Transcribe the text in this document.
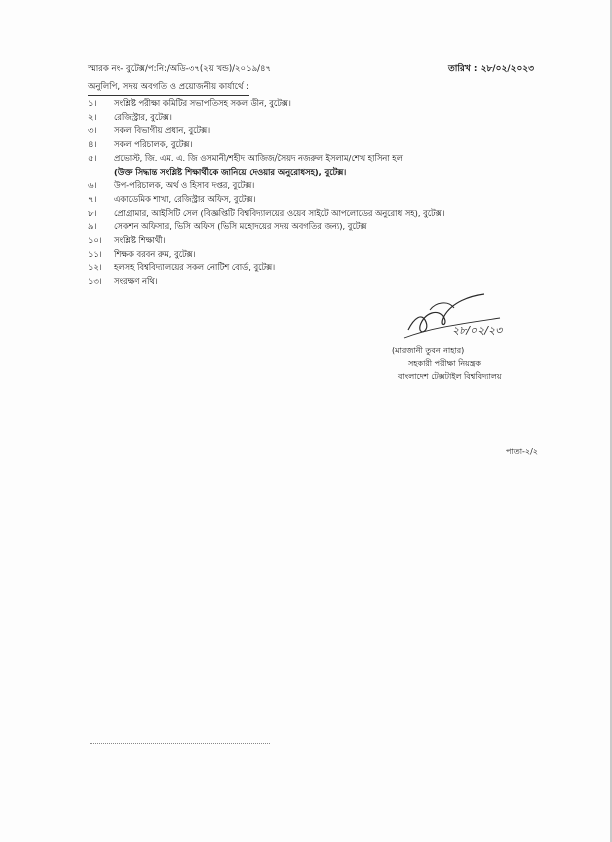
স্মারক নং- বুটেক্স/প:নি:/অডি-৩৭(২য় খন্ড)/২০১৯/৪৭	তারিখ : ২৮/০২/২০২৩
অনুলিপি, সদয় অবগতি ও প্রয়োজনীয় কার্যার্থে :
১।	সংশ্লিষ্ট পরীক্ষা কমিটির সভাপতিসহ সকল ডীন, বুটেক্স।
২।	রেজিস্ট্রার, বুটেক্স।
৩।	সকল বিভাগীয় প্রধান, বুটেক্স।
৪।	সকল পরিচালক, বুটেক্স।
৫।	প্রভোস্ট, জি. এম. এ. জি ওসমানী/শহীদ আজিজ/সৈয়দ নজরুল ইসলাম/শেখ হাসিনা হল
(উক্ত সিদ্ধান্ত সংশ্লিষ্ট শিক্ষার্থীকে জানিয়ে দেওয়ার অনুরোধসহ), বুটেক্স।
৬।	উপ-পরিচালক, অর্থ ও হিসাব দপ্তর, বুটেক্স।
৭।	একাডেমিক শাখা, রেজিস্ট্রার অফিস, বুটেক্স।
৮।	প্রোগ্রামার, আইসিটি সেল (বিজ্ঞপ্তিটি বিশ্ববিদ্যালয়ের ওয়েব সাইটে আপলোডের অনুরোধ সহ), বুটেক্স।
৯।	সেকশন অফিসার, ভিসি অফিস (ভিসি মহোদয়ের সদয় অবগতির জন্য), বুটেক্স
১০।	সংশ্লিষ্ট শিক্ষার্থী।
১১।	শিক্ষক বরবন রুম, বুটেক্স।
১২।	হলসহ বিশ্ববিদ্যালয়ের সকল নোটিশ বোর্ড, বুটেক্স।
১৩।	সংরক্ষণ নথি।
২৮/০২/২৩
(মারজানী তুবন নাহার)
সহকারী পরীক্ষা নিয়ন্ত্রক
বাংলাদেশ টেক্সটাইল বিশ্ববিদ্যালয়
পাতা-২/২
